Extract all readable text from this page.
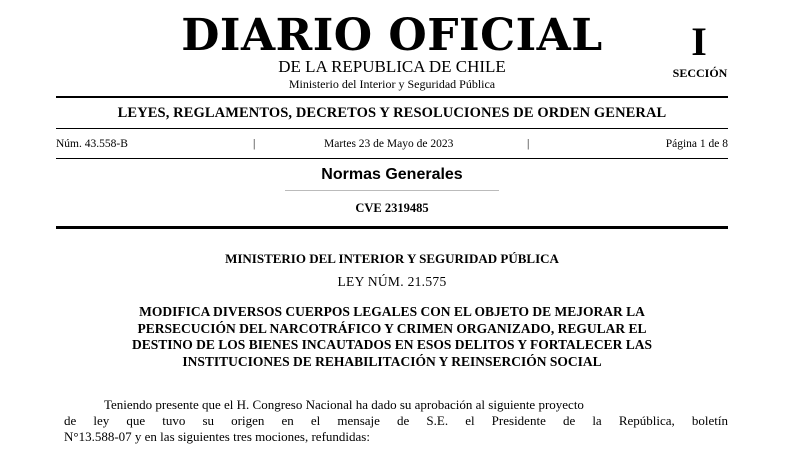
DIARIO OFICIAL
DE LA REPUBLICA DE CHILE
Ministerio del Interior y Seguridad Pública
I
SECCIÓN
LEYES, REGLAMENTOS, DECRETOS Y RESOLUCIONES DE ORDEN GENERAL
Núm. 43.558-B	|	Martes 23 de Mayo de 2023	|	Página 1 de 8
Normas Generales
CVE 2319485
MINISTERIO DEL INTERIOR Y SEGURIDAD PÚBLICA
LEY NÚM. 21.575
MODIFICA DIVERSOS CUERPOS LEGALES CON EL OBJETO DE MEJORAR LA
PERSECUCIÓN DEL NARCOTRÁFICO Y CRIMEN ORGANIZADO, REGULAR EL
DESTINO DE LOS BIENES INCAUTADOS EN ESOS DELITOS Y FORTALECER LAS
INSTITUCIONES DE REHABILITACIÓN Y REINSERCIÓN SOCIAL
Teniendo presente que el H. Congreso Nacional ha dado su aprobación al siguiente proyecto
de ley que tuvo su origen en el mensaje de S.E. el Presidente de la República, boletín
N°13.588-07 y en las siguientes tres mociones, refundidas:
